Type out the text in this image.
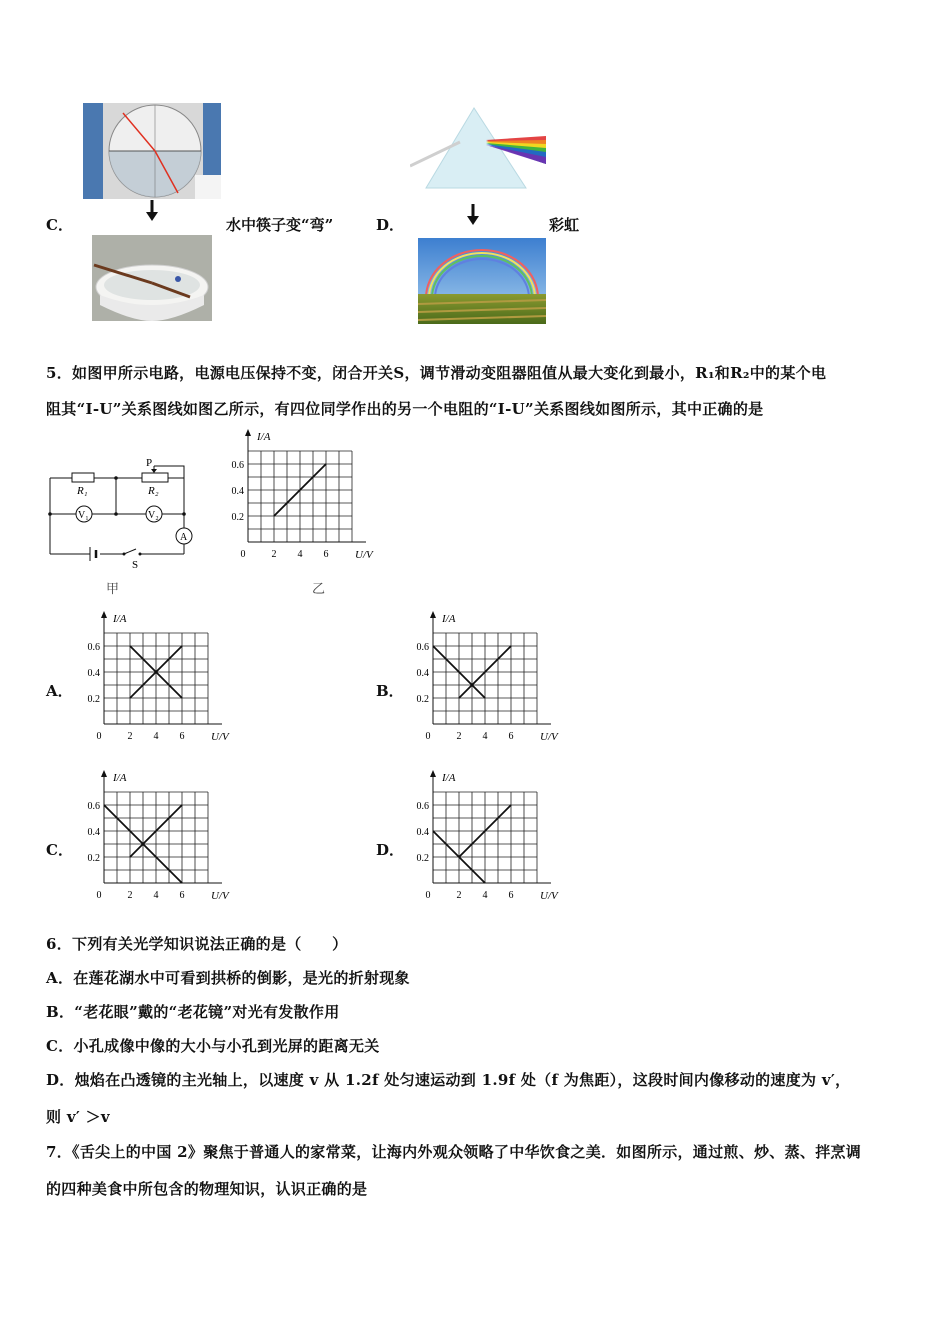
C．	水中筷子变“弯”	D．	彩虹
5．如图甲所示电路，电源电压保持不变，闭合开关S，调节滑动变阻器阻值从最大变化到最小，R₁和R₂中的某个电
阻其“I-U”关系图线如图乙所示，有四位同学作出的另一个电阻的“I-U”关系图线如图所示，其中正确的是
P
R₁	R₂
V₁	V₂
A
S
甲
I/A
U/V
0	2 4 6
0.2
0.4
0.6
乙
A．
I/A
U/V
0	2 4 6
0.2
0.4
0.6
B．
I/A
U/V
0	2 4 6
0.2
0.4
0.6
C．
I/A
U/V
0	2 4 6
0.2
0.4
0.6
D．
I/A
U/V
0	2 4 6
0.2
0.4
0.6
6．下列有关光学知识说法正确的是（　　）
A．在莲花湖水中可看到拱桥的倒影，是光的折射现象
B．“老花眼”戴的“老花镜”对光有发散作用
C．小孔成像中像的大小与小孔到光屏的距离无关
D．烛焰在凸透镜的主光轴上，以速度 v 从 1.2f 处匀速运动到 1.9f 处（f 为焦距），这段时间内像移动的速度为 v′，
则 v′ ＞v
7．《舌尖上的中国 2》聚焦于普通人的家常菜，让海内外观众领略了中华饮食之美．如图所示，通过煎、炒、蒸、拌烹调
的四种美食中所包含的物理知识，认识正确的是
